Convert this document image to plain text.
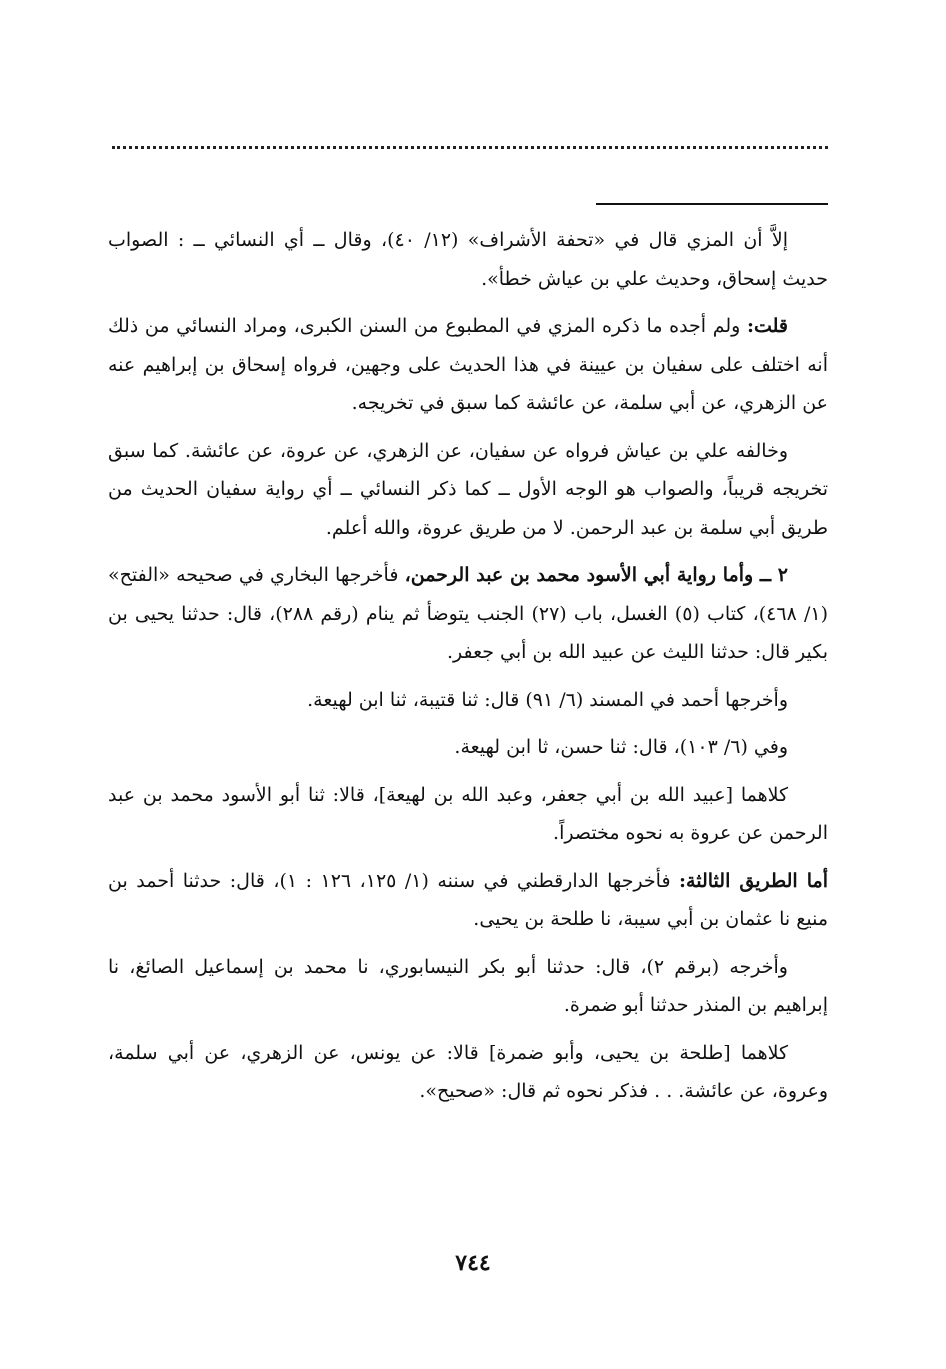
إلاَّ أن المزي قال في «تحفة الأشراف» (١٢/ ٤٠)، وقال ــ أي النسائي ــ : الصواب حديث إسحاق، وحديث علي بن عياش خطأ».

قلت: ولم أجده ما ذكره المزي في المطبوع من السنن الكبرى، ومراد النسائي من ذلك أنه اختلف على سفيان بن عيينة في هذا الحديث على وجهين، فرواه إسحاق بن إبراهيم عنه عن الزهري، عن أبي سلمة، عن عائشة كما سبق في تخريجه.

وخالفه علي بن عياش فرواه عن سفيان، عن الزهري، عن عروة، عن عائشة. كما سبق تخريجه قريباً، والصواب هو الوجه الأول ــ كما ذكر النسائي ــ أي رواية سفيان الحديث من طريق أبي سلمة بن عبد الرحمن. لا من طريق عروة، والله أعلم.

٢ ــ وأما رواية أبي الأسود محمد بن عبد الرحمن، فأخرجها البخاري في صحيحه «الفتح» (١/ ٤٦٨)، كتاب (٥) الغسل، باب (٢٧) الجنب يتوضأ ثم ينام (رقم ٢٨٨)، قال: حدثنا يحيى بن بكير قال: حدثنا الليث عن عبيد الله بن أبي جعفر.

وأخرجها أحمد في المسند (٦/ ٩١) قال: ثنا قتيبة، ثنا ابن لهيعة.

وفي (٦/ ١٠٣)، قال: ثنا حسن، ثا ابن لهيعة.

كلاهما [عبيد الله بن أبي جعفر، وعبد الله بن لهيعة]، قالا: ثنا أبو الأسود محمد بن عبد الرحمن عن عروة به نحوه مختصراً.

أما الطريق الثالثة: فأخرجها الدارقطني في سننه (١/ ١٢٥، ١٢٦ : ١)، قال: حدثنا أحمد بن منيع نا عثمان بن أبي سيبة، نا طلحة بن يحيى.

وأخرجه (برقم ٢)، قال: حدثنا أبو بكر النيسابوري، نا محمد بن إسماعيل الصائغ، نا إبراهيم بن المنذر حدثنا أبو ضمرة.

كلاهما [طلحة بن يحيى، وأبو ضمرة] قالا: عن يونس، عن الزهري، عن أبي سلمة، وعروة، عن عائشة. . . فذكر نحوه ثم قال: «صحيح».

٧٤٤
